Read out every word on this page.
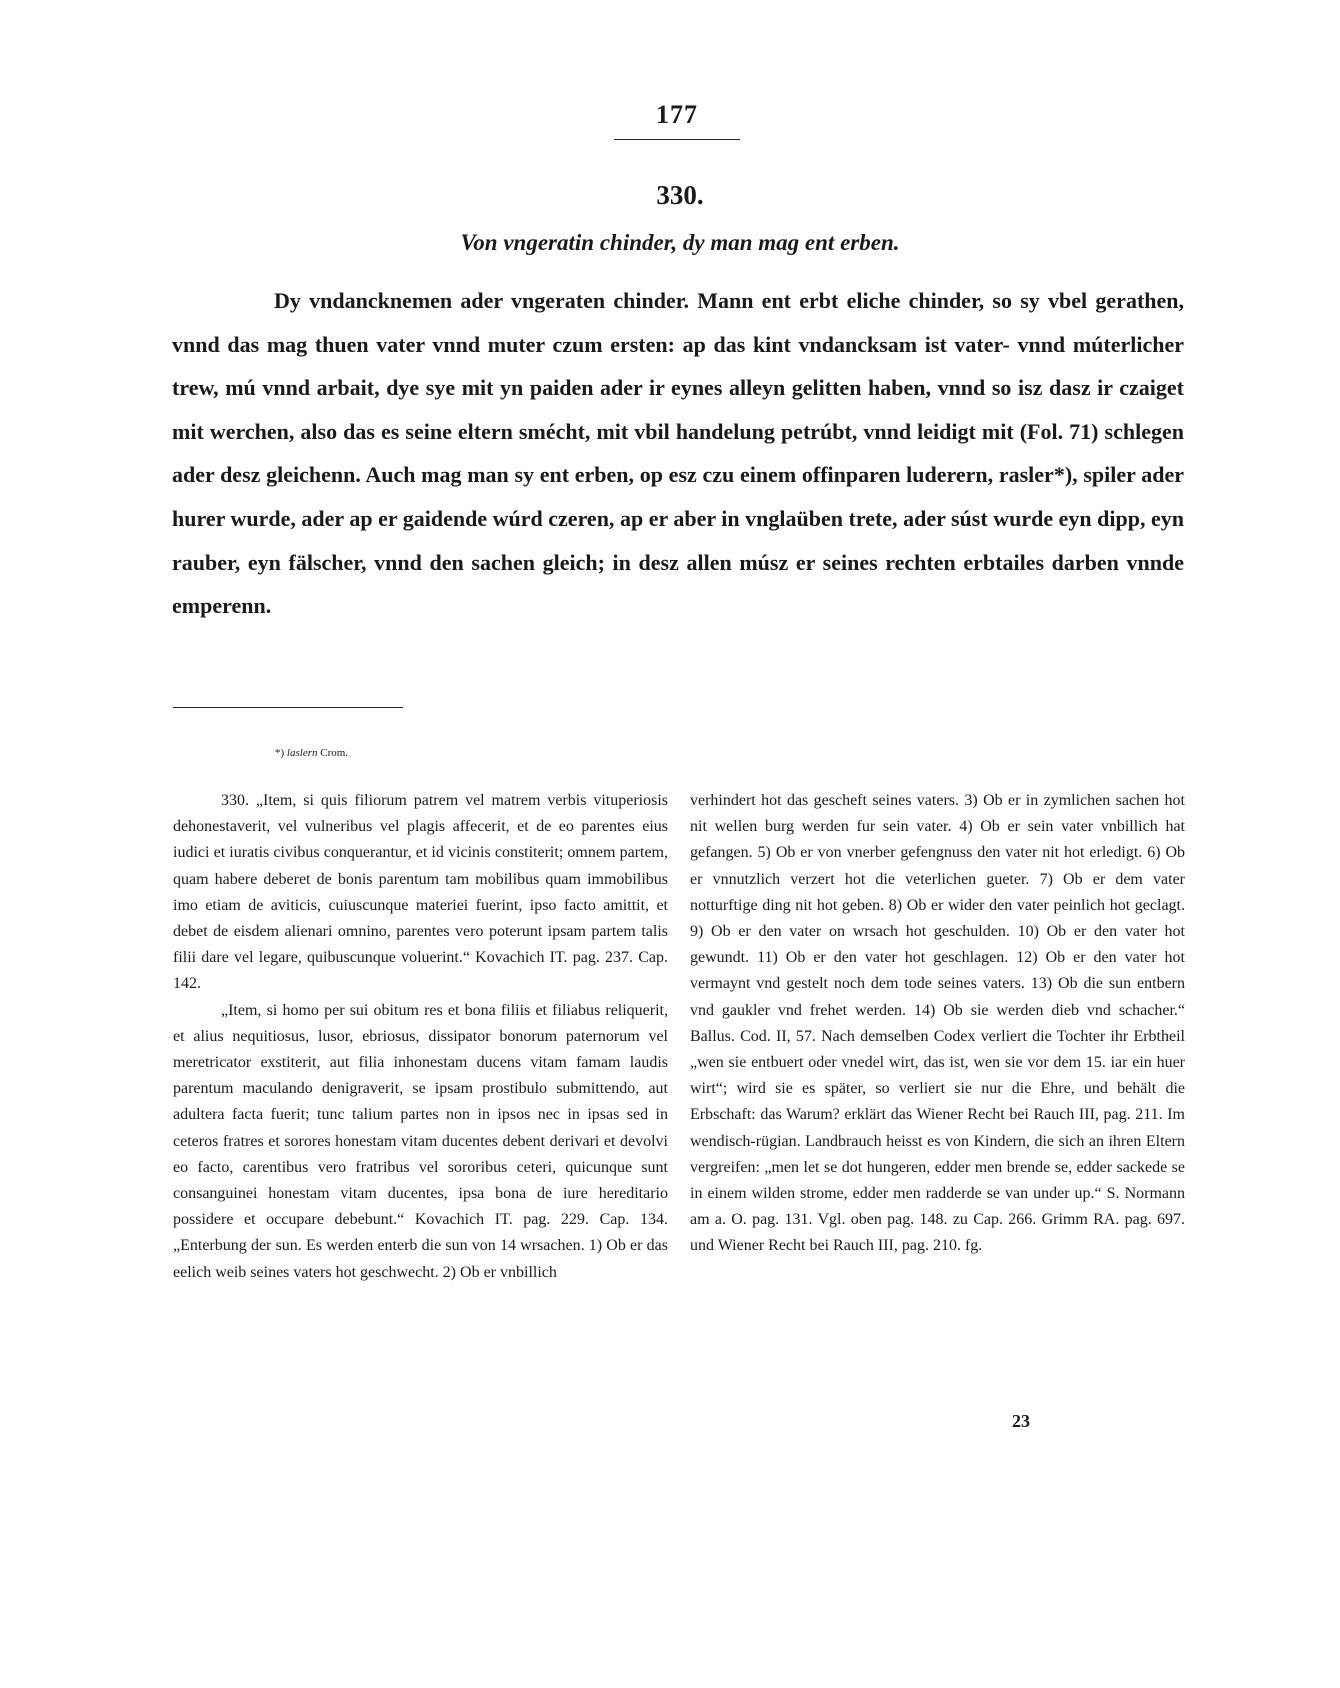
177
330.
Von vngeratin chinder, dy man mag ent erben.

Dy vndancknemen ader vngeraten chinder. Mann ent erbt eliche chinder, so sy vbel gerathen, vnnd das mag thuen vater vnnd muter czum ersten: ap das kint vndancksam ist vater- vnnd múterlicher trew, mú vnnd arbait, dye sye mit yn paiden ader ir eynes alleyn gelitten haben, vnnd so isz dasz ir czaiget mit werchen, also das es seine eltern smécht, mit vbil handelung petrúbt, vnnd leidigt mit (Fol. 71) schlegen ader desz gleichenn. Auch mag man sy ent erben, op esz czu einem offinparen luderern, rasler*), spiler ader hurer wurde, ader ap er gaidende wúrd czeren, ap er aber in vnglaüben trete, ader súst wurde eyn dipp, eyn rauber, eyn fälscher, vnnd den sachen gleich; in desz allen músz er seines rechten erbtailes darben vnnde emperenn.

*) laslern Crom.

330. „Item, si quis filiorum patrem vel matrem verbis vituperiosis dehonestaverit, vel vulneribus vel plagis affecerit, et de eo parentes eius iudici et iuratis civibus conquerantur, et id vicinis constiterit; omnem partem, quam habere deberet de bonis parentum tam mobilibus quam immobilibus imo etiam de aviticis, cuiuscunque materiei fuerint, ipso facto amittit, et debet de eisdem alienari omnino, parentes vero poterunt ipsam partem talis filii dare vel legare, quibuscunque voluerint.“ Kovachich IT. pag. 237. Cap. 142.

„Item, si homo per sui obitum res et bona filiis et filiabus reliquerit, et alius nequitiosus, lusor, ebriosus, dissipator bonorum paternorum vel meretricator exstiterit, aut filia inhonestam ducens vitam famam laudis parentum maculando denigraverit, se ipsam prostibulo submittendo, aut adultera facta fuerit; tunc talium partes non in ipsos nec in ipsas sed in ceteros fratres et sorores honestam vitam ducentes debent derivari et devolvi eo facto, carentibus vero fratribus vel sororibus ceteri, quicunque sunt consanguinei honestam vitam ducentes, ipsa bona de iure hereditario possidere et occupare debebunt.“ Kovachich IT. pag. 229. Cap. 134. „Enterbung der sun. Es werden enterb die sun von 14 wrsachen. 1) Ob er das eelich weib seines vaters hot geschwecht. 2) Ob er vnbillich

verhindert hot das gescheft seines vaters. 3) Ob er in zymlichen sachen hot nit wellen burg werden fur sein vater. 4) Ob er sein vater vnbillich hat gefangen. 5) Ob er von vnerber gefengnuss den vater nit hot erledigt. 6) Ob er vnnutzlich verzert hot die veterlichen gueter. 7) Ob er dem vater notturftige ding nit hot geben. 8) Ob er wider den vater peinlich hot geclagt. 9) Ob er den vater on wrsach hot geschulden. 10) Ob er den vater hot gewundt. 11) Ob er den vater hot geschlagen. 12) Ob er den vater hot vermaynt vnd gestelt noch dem tode seines vaters. 13) Ob die sun entbern vnd gaukler vnd frehet werden. 14) Ob sie werden dieb vnd schacher.“ Ballus. Cod. II, 57. Nach demselben Codex verliert die Tochter ihr Erbtheil „wen sie entbuert oder vnedel wirt, das ist, wen sie vor dem 15. iar ein huer wirt“; wird sie es später, so verliert sie nur die Ehre, und behält die Erbschaft: das Warum? erklärt das Wiener Recht bei Rauch III, pag. 211. Im wendisch-rügian. Landbrauch heisst es von Kindern, die sich an ihren Eltern vergreifen: „men let se dot hungeren, edder men brende se, edder sackede se in einem wilden strome, edder men radderde se van under up.“ S. Normann am a. O. pag. 131. Vgl. oben pag. 148. zu Cap. 266. Grimm RA. pag. 697. und Wiener Recht bei Rauch III, pag. 210. fg.

23
